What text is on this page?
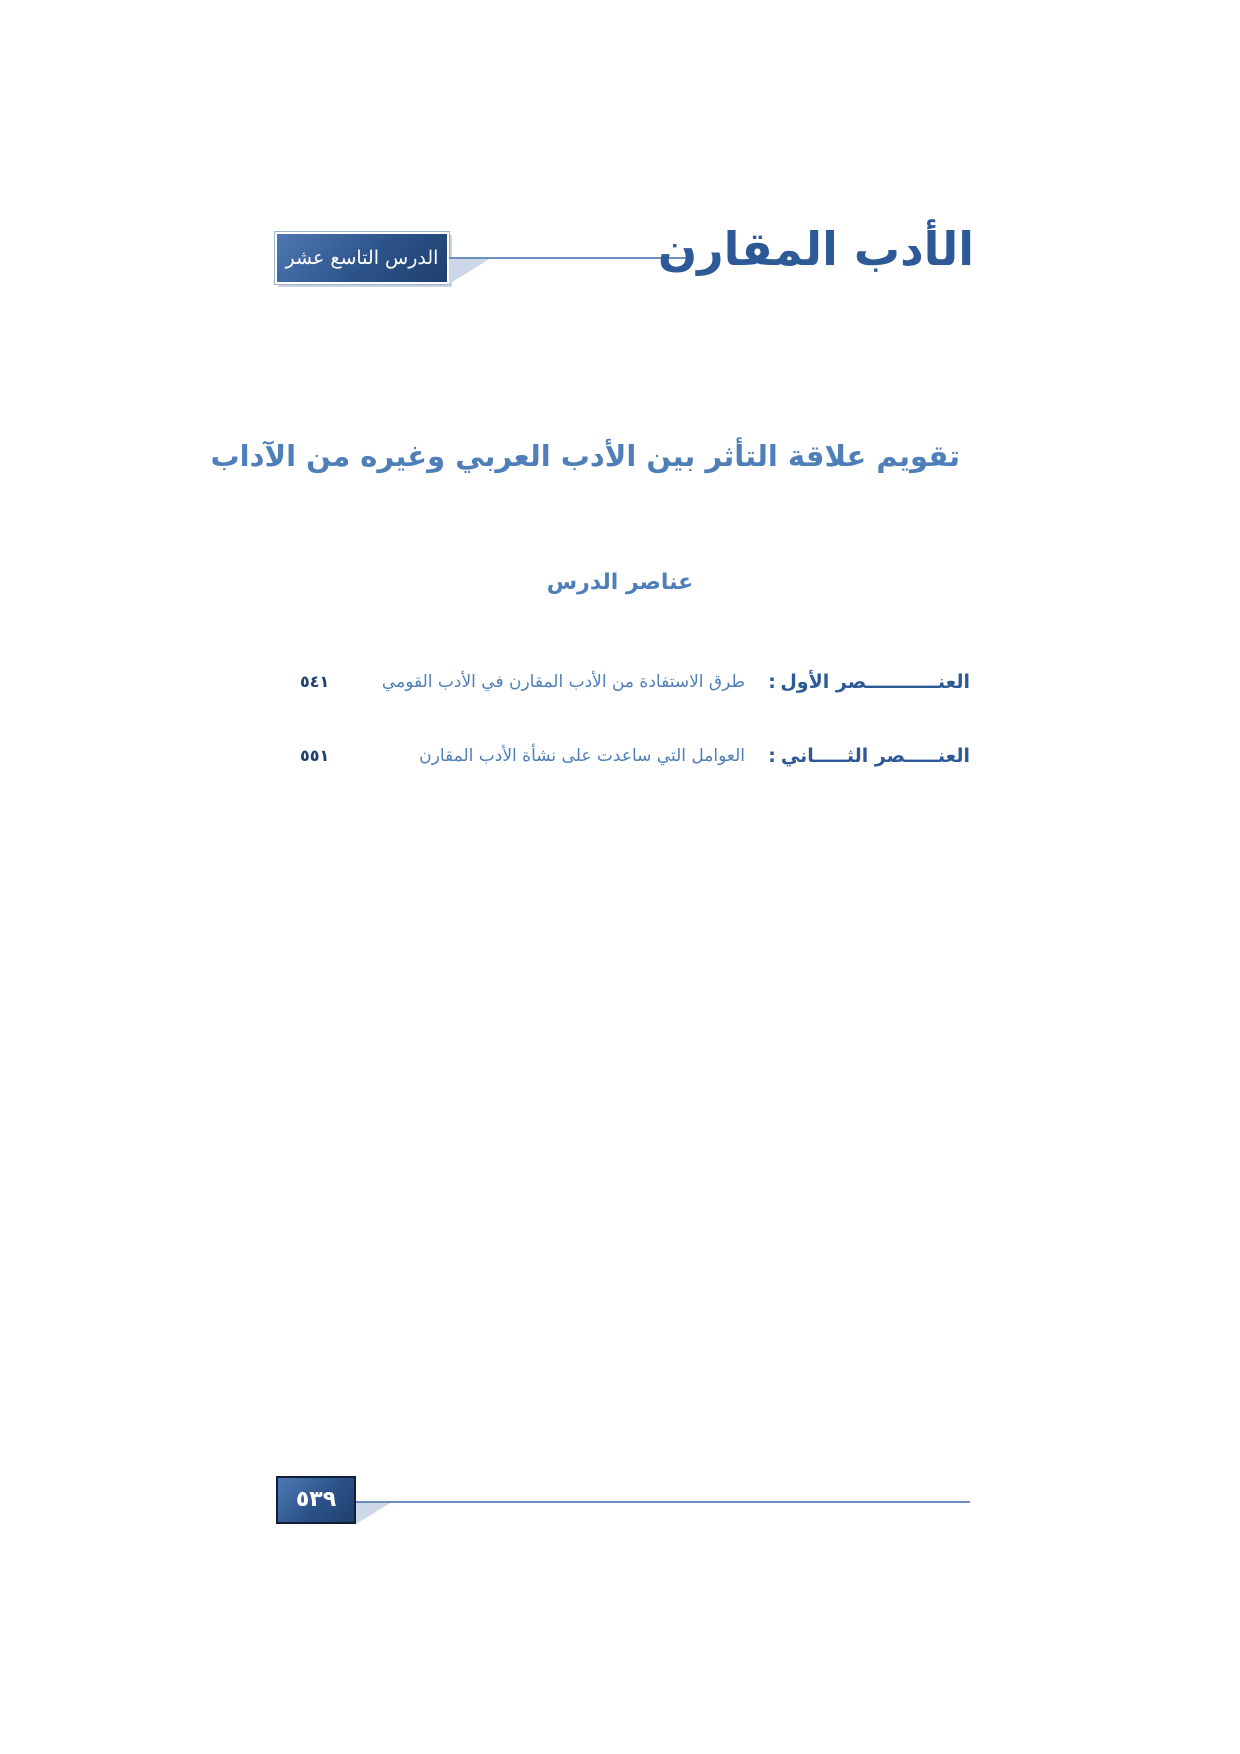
الدرس التاسع عشر	الأدب المقارن
تقويم علاقة التأثر بين الأدب العربي وغيره من الآداب
عناصر الدرس
العنـــــــــــصر الأول
:
طرق الاستفادة من الأدب المقارن في الأدب القومي
٥٤١
العنـــــصر الثـــــاني
:
العوامل التي ساعدت على نشأة الأدب المقارن
٥٥١
٥٣٩
